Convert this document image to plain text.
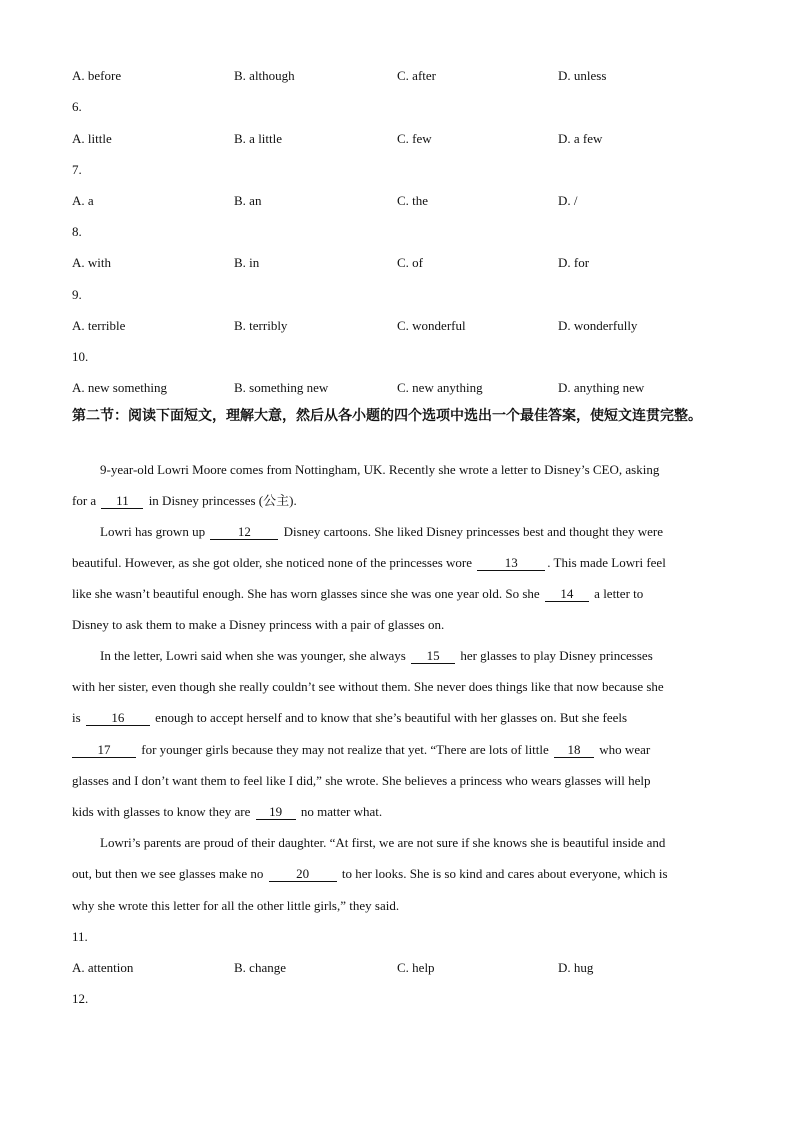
A. before	B. although	C. after	D. unless
6.
A. little	B. a little	C. few	D. a few
7.
A. a	B. an	C. the	D. /
8.
A. with	B. in	C. of	D. for
9.
A. terrible	B. terribly	C. wonderful	D. wonderfully
10.
A. new something	B. something new	C. new anything	D. anything new
第二节：阅读下面短文，理解大意，然后从各小题的四个选项中选出一个最佳答案，使短文连贯完整。
9-year-old Lowri Moore comes from Nottingham, UK. Recently she wrote a letter to Disney’s CEO, asking
for a 11 in Disney princesses (公主).
Lowri has grown up	12	Disney cartoons. She liked Disney princesses best and thought they were
beautiful. However, as she got older, she noticed none of the princesses wore	13 . This made Lowri feel
like she wasn’t beautiful enough. She has worn glasses since she was one year old. So she 14 a letter to
Disney to ask them to make a Disney princess with a pair of glasses on.
In the letter, Lowri said when she was younger, she always 15 her glasses to play Disney princesses
with her sister, even though she really couldn’t see without them. She never does things like that now because she
is 16 enough to accept herself and to know that she’s beautiful with her glasses on. But she feels
17 for younger girls because they may not realize that yet. “There are lots of little 18 who wear
glasses and I don’t want them to feel like I did,” she wrote. She believes a princess who wears glasses will help
kids with glasses to know they are 19 no matter what.
Lowri’s parents are proud of their daughter. “At first, we are not sure if she knows she is beautiful inside and
out, but then we see glasses make no	20	to her looks. She is so kind and cares about everyone, which is
why she wrote this letter for all the other little girls,” they said.
11.
A. attention	B. change	C. help	D. hug
12.
